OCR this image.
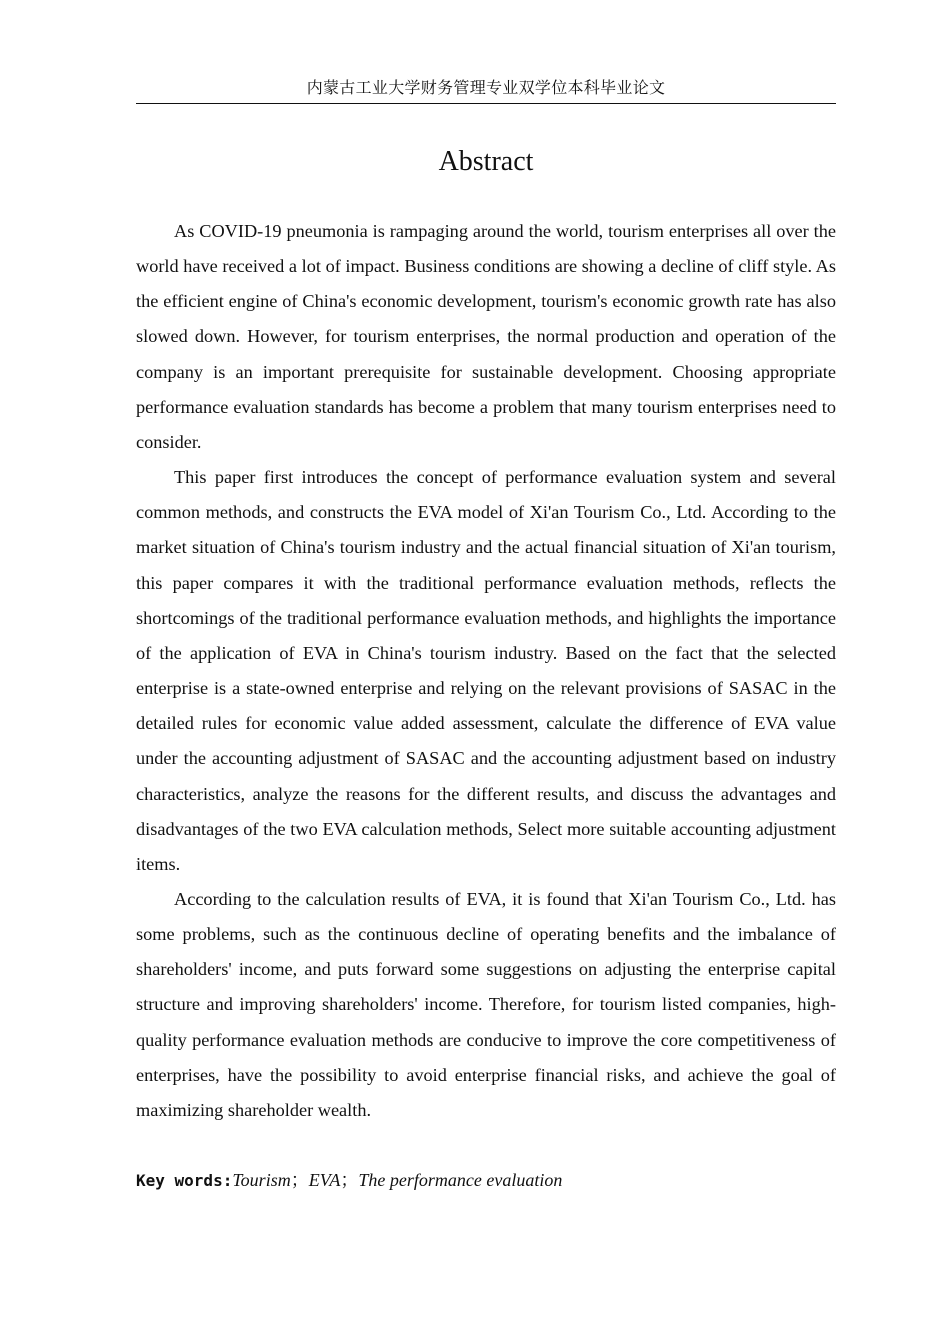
内蒙古工业大学财务管理专业双学位本科毕业论文
Abstract

As COVID-19 pneumonia is rampaging around the world, tourism enterprises all over the world have received a lot of impact. Business conditions are showing a decline of cliff style. As the efficient engine of China's economic development, tourism's economic growth rate has also slowed down. However, for tourism enterprises, the normal production and operation of the company is an important prerequisite for sustainable development. Choosing appropriate performance evaluation standards has become a problem that many tourism enterprises need to consider.

This paper first introduces the concept of performance evaluation system and several common methods, and constructs the EVA model of Xi'an Tourism Co., Ltd. According to the market situation of China's tourism industry and the actual financial situation of Xi'an tourism, this paper compares it with the traditional performance evaluation methods, reflects the shortcomings of the traditional performance evaluation methods, and highlights the importance of the application of EVA in China's tourism industry. Based on the fact that the selected enterprise is a state-owned enterprise and relying on the relevant provisions of SASAC in the detailed rules for economic value added assessment, calculate the difference of EVA value under the accounting adjustment of SASAC and the accounting adjustment based on industry characteristics, analyze the reasons for the different results, and discuss the advantages and disadvantages of the two EVA calculation methods, Select more suitable accounting adjustment items.

According to the calculation results of EVA, it is found that Xi'an Tourism Co., Ltd. has some problems, such as the continuous decline of operating benefits and the imbalance of shareholders' income, and puts forward some suggestions on adjusting the enterprise capital structure and improving shareholders' income. Therefore, for tourism listed companies, high-quality performance evaluation methods are conducive to improve the core competitiveness of enterprises, have the possibility to avoid enterprise financial risks, and achieve the goal of maximizing shareholder wealth.

Key words:Tourism；EVA；The performance evaluation
